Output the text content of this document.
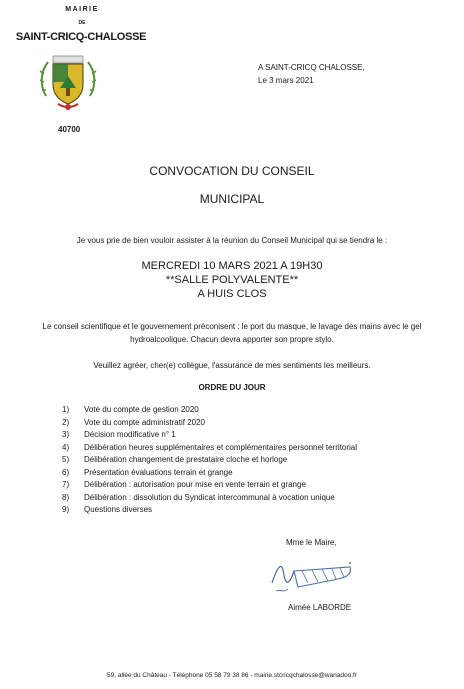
MAIRIE
DE
SAINT-CRICQ-CHALOSSE
40700
A SAINT-CRICQ CHALOSSE,
Le 3 mars 2021
CONVOCATION DU CONSEIL
MUNICIPAL
Je vous prie de bien vouloir assister à la réunion du Conseil Municipal qui se tiendra le :
MERCREDI 10 MARS 2021 A 19H30
**SALLE POLYVALENTE**
A HUIS CLOS
Le conseil scientifique et le gouvernement préconisent : le port du masque, le lavage des mains avec le gel hydroalcoolique. Chacun devra apporter son propre stylo.
Veuillez agréer, cher(e) collègue, l'assurance de mes sentiments les meilleurs.
ORDRE DU JOUR
1) Vote du compte de gestion 2020
2) Vote du compte administratif 2020
3) Décision modificative n° 1
4) Délibération heures supplémentaires et complémentaires personnel territorial
5) Délibération changement de prestataire cloche et horloge
6) Présentation évaluations terrain et grange
7) Délibération : autorisation pour mise en vente terrain et grange
8) Délibération : dissolution du Syndicat intercommunal à vocation unique
9) Questions diverses
Mme le Maire,
Aimée LABORDE
59, allée du Château - Téléphone 05 58 79 38 86 - mairie.stcricqchalosse@wanadoo.fr
